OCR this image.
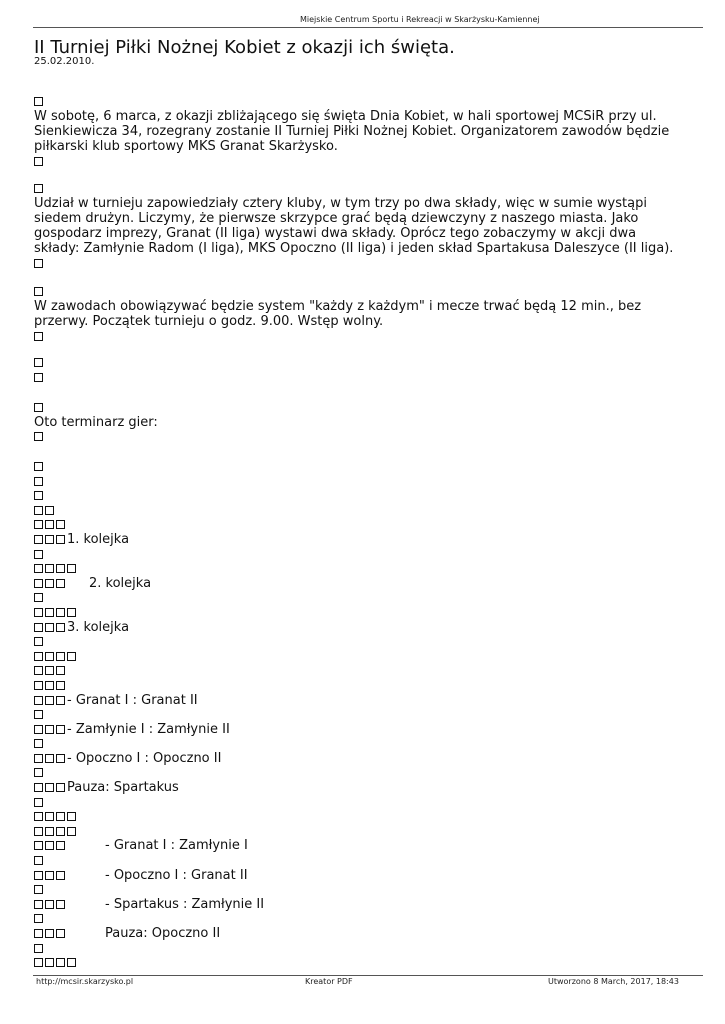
Miejskie Centrum Sportu i Rekreacji w Skarżysku-Kamiennej
II Turniej Piłki Nożnej Kobiet z okazji ich święta.
25.02.2010.
W sobotę, 6 marca, z okazji zbliżającego się święta Dnia Kobiet, w hali sportowej MCSiR przy ul. Sienkiewicza 34, rozegrany zostanie II Turniej Piłki Nożnej Kobiet. Organizatorem zawodów będzie piłkarski klub sportowy MKS Granat Skarżysko.
Udział w turnieju zapowiedziały cztery kluby, w tym trzy po dwa składy, więc w sumie wystąpi siedem drużyn. Liczymy, że pierwsze skrzypce grać będą dziewczyny z naszego miasta. Jako gospodarz imprezy, Granat (II liga) wystawi dwa składy. Oprócz tego zobaczymy w akcji dwa składy: Zamłynie Radom (I liga), MKS Opoczno (II liga) i jeden skład Spartakusa Daleszyce (II liga).
W zawodach obowiązywać będzie system "każdy z każdym" i mecze trwać będą 12 min., bez przerwy. Początek turnieju o godz. 9.00. Wstęp wolny.
Oto terminarz gier:
1. kolejka
2. kolejka
3. kolejka
- Granat I : Granat II
- Zamłynie I : Zamłynie II
- Opoczno I : Opoczno II
Pauza: Spartakus
- Granat I : Zamłynie I
- Opoczno I : Granat II
- Spartakus : Zamłynie II
Pauza: Opoczno II
http://mcsir.skarzysko.pl	Kreator PDF	Utworzono 8 March, 2017, 18:43
